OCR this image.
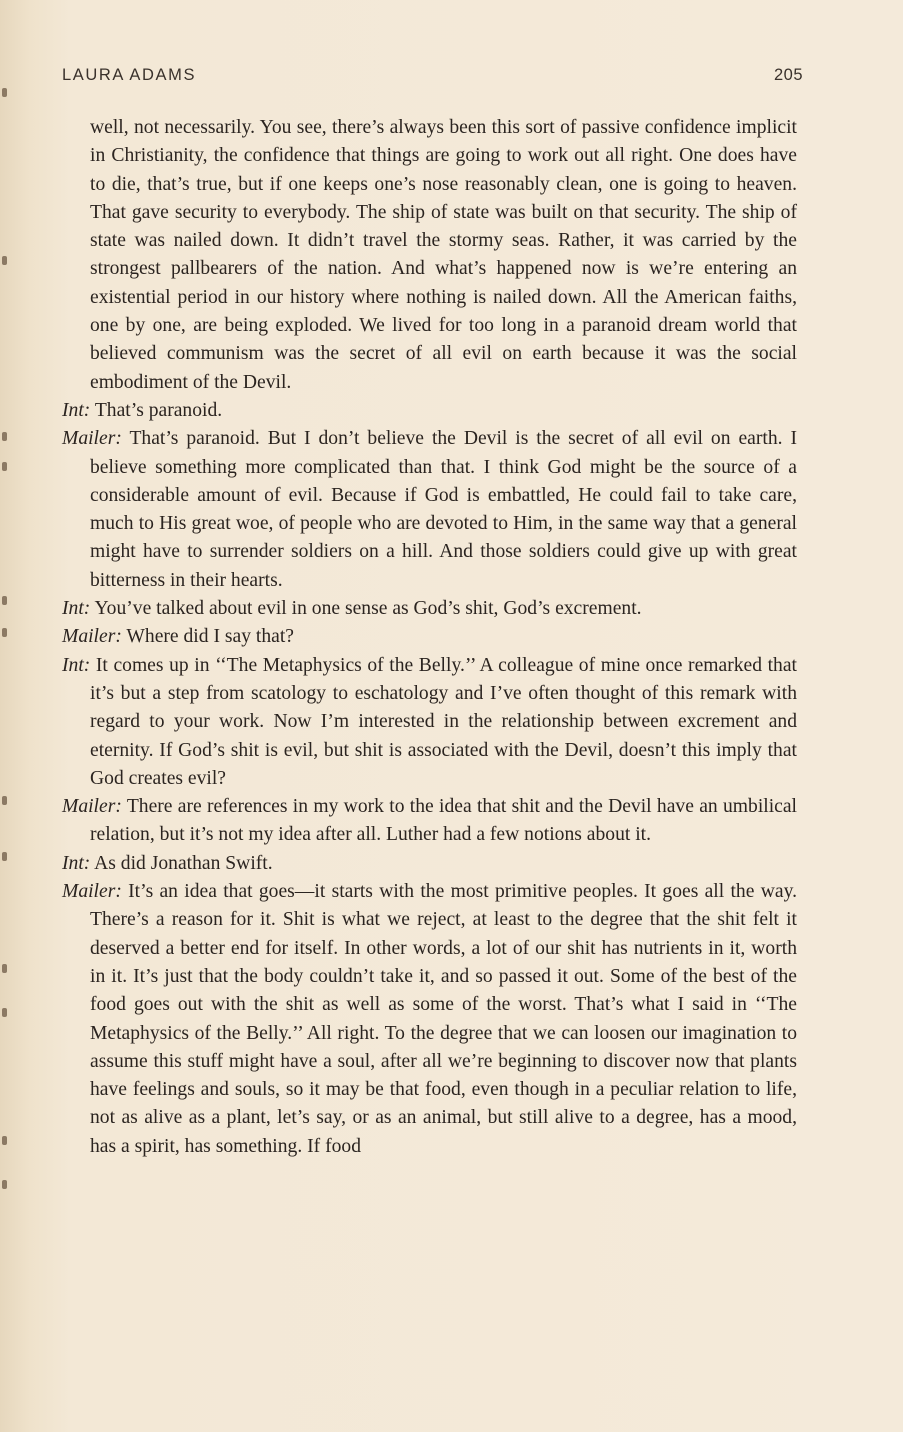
LAURA ADAMS	205

well, not necessarily. You see, there’s always been this sort of passive confidence implicit in Christianity, the confidence that things are going to work out all right. One does have to die, that’s true, but if one keeps one’s nose reasonably clean, one is going to heaven. That gave security to everybody. The ship of state was built on that security. The ship of state was nailed down. It didn’t travel the stormy seas. Rather, it was carried by the strongest pallbearers of the nation. And what’s happened now is we’re entering an existential period in our history where nothing is nailed down. All the American faiths, one by one, are being exploded. We lived for too long in a paranoid dream world that believed communism was the secret of all evil on earth because it was the social embodiment of the Devil.

Int: That’s paranoid.

Mailer: That’s paranoid. But I don’t believe the Devil is the secret of all evil on earth. I believe something more complicated than that. I think God might be the source of a considerable amount of evil. Because if God is embattled, He could fail to take care, much to His great woe, of people who are devoted to Him, in the same way that a general might have to surrender soldiers on a hill. And those soldiers could give up with great bitterness in their hearts.

Int: You’ve talked about evil in one sense as God’s shit, God’s excrement.

Mailer: Where did I say that?

Int: It comes up in ‘‘The Metaphysics of the Belly.’’ A colleague of mine once remarked that it’s but a step from scatology to eschatology and I’ve often thought of this remark with regard to your work. Now I’m interested in the relationship between excrement and eternity. If God’s shit is evil, but shit is associated with the Devil, doesn’t this imply that God creates evil?

Mailer: There are references in my work to the idea that shit and the Devil have an umbilical relation, but it’s not my idea after all. Luther had a few notions about it.

Int: As did Jonathan Swift.

Mailer: It’s an idea that goes—it starts with the most primitive peoples. It goes all the way. There’s a reason for it. Shit is what we reject, at least to the degree that the shit felt it deserved a better end for itself. In other words, a lot of our shit has nutrients in it, worth in it. It’s just that the body couldn’t take it, and so passed it out. Some of the best of the food goes out with the shit as well as some of the worst. That’s what I said in ‘‘The Metaphysics of the Belly.’’ All right. To the degree that we can loosen our imagination to assume this stuff might have a soul, after all we’re beginning to discover now that plants have feelings and souls, so it may be that food, even though in a peculiar relation to life, not as alive as a plant, let’s say, or as an animal, but still alive to a degree, has a mood, has a spirit, has something. If food
